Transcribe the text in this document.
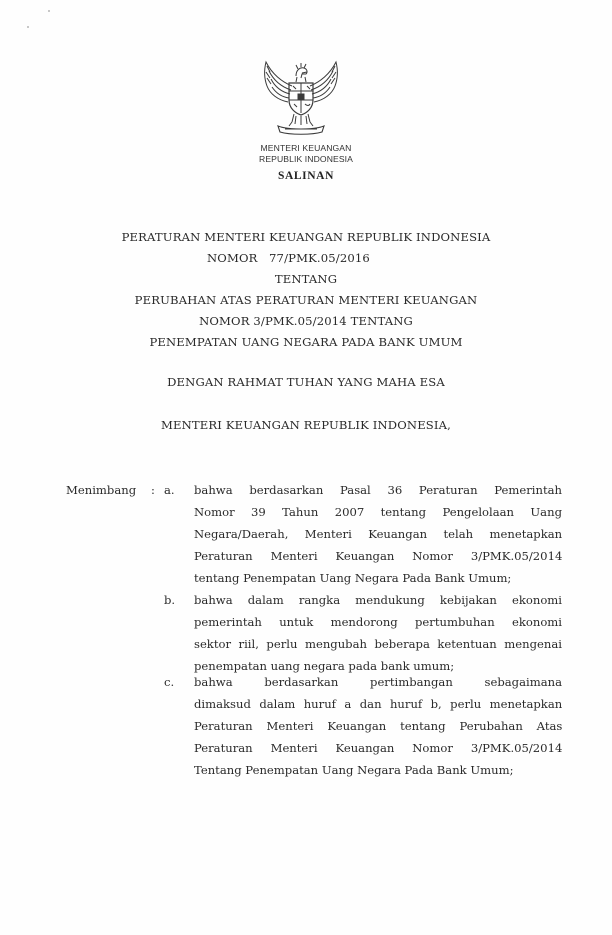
MENTERI KEUANGAN
REPUBLIK INDONESIA
SALINAN
PERATURAN MENTERI KEUANGAN REPUBLIK INDONESIA
NOMOR   77/PMK.05/2016
TENTANG
PERUBAHAN ATAS PERATURAN MENTERI KEUANGAN
NOMOR 3/PMK.05/2014 TENTANG
PENEMPATAN UANG NEGARA PADA BANK UMUM
DENGAN RAHMAT TUHAN YANG MAHA ESA
MENTERI KEUANGAN REPUBLIK INDONESIA,
Menimbang : a. bahwa berdasarkan Pasal 36 Peraturan Pemerintah
Nomor 39 Tahun 2007 tentang Pengelolaan Uang
Negara/Daerah, Menteri Keuangan telah menetapkan
Peraturan Menteri Keuangan Nomor 3/PMK.05/2014
tentang Penempatan Uang Negara Pada Bank Umum;
b. bahwa dalam rangka mendukung kebijakan ekonomi
pemerintah untuk mendorong pertumbuhan ekonomi
sektor riil, perlu mengubah beberapa ketentuan mengenai
penempatan uang negara pada bank umum;
c. bahwa berdasarkan pertimbangan sebagaimana
dimaksud dalam huruf a dan huruf b, perlu menetapkan
Peraturan Menteri Keuangan tentang Perubahan Atas
Peraturan Menteri Keuangan Nomor 3/PMK.05/2014
Tentang Penempatan Uang Negara Pada Bank Umum;
